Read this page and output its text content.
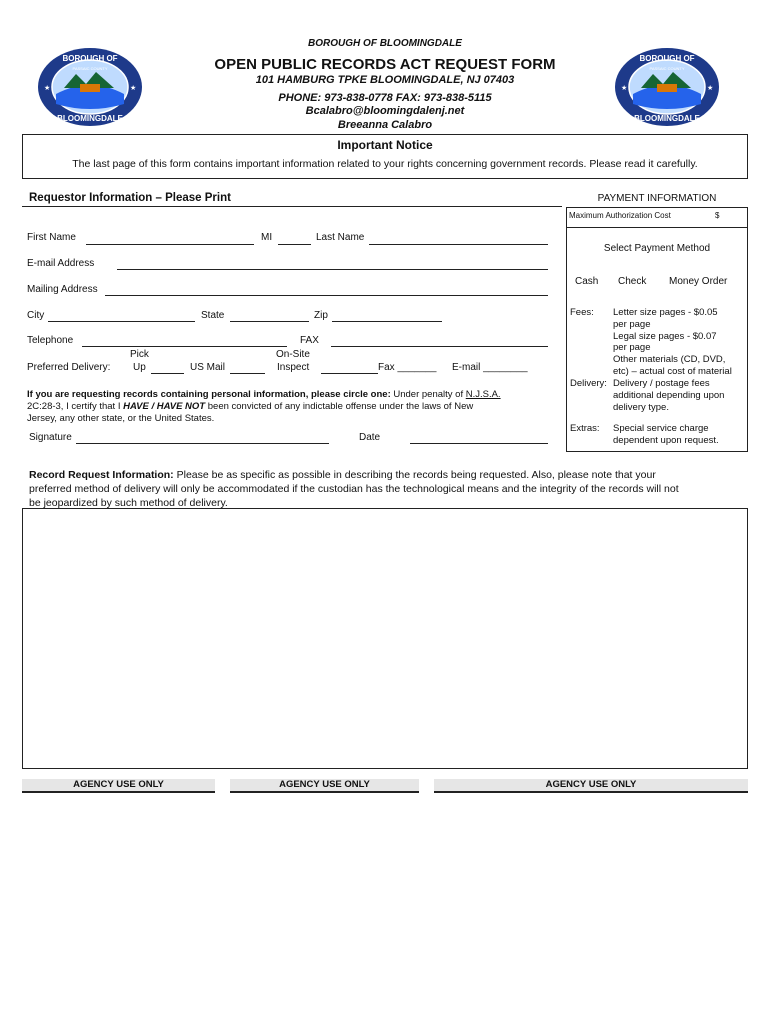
BOROUGH OF
PASSAIC COUNTY
BLOOMINGDALE
★	★
BOROUGH OF
PASSAIC COUNTY
BLOOMINGDALE
★	★
BOROUGH OF BLOOMINGDALE
OPEN PUBLIC RECORDS ACT REQUEST FORM
101 HAMBURG TPKE BLOOMINGDALE, NJ 07403
PHONE: 973-838-0778 FAX: 973-838-5115
Bcalabro@bloomingdalenj.net
Breeanna Calabro
Important Notice
The last page of this form contains important information related to your rights concerning government records. Please read it carefully.
Requestor Information – Please Print
First Name	MI	Last Name
E-mail Address
Mailing Address
City	State	Zip
Telephone	FAX
Pick	On-Site
Preferred Delivery: Up	US Mail	Inspect	Fax _______ E-mail ________
If you are requesting records containing personal information, please circle one: Under penalty of N.J.S.A.
2C:28-3, I certify that I HAVE / HAVE NOT been convicted of any indictable offense under the laws of New
Jersey, any other state, or the United States.
Signature	Date
PAYMENT INFORMATION
Maximum Authorization Cost	$
Select Payment Method
Cash Check Money Order
Fees: Letter size pages - $0.05
per page
Legal size pages - $0.07
per page
Other materials (CD, DVD,
etc) – actual cost of material
Delivery: Delivery / postage fees
additional depending upon
delivery type.
Extras: Special service charge
dependent upon request.
Record Request Information: Please be as specific as possible in describing the records being requested. Also, please note that your
preferred method of delivery will only be accommodated if the custodian has the technological means and the integrity of the records will not
be jeopardized by such method of delivery.
AGENCY USE ONLY	AGENCY USE ONLY	AGENCY USE ONLY
